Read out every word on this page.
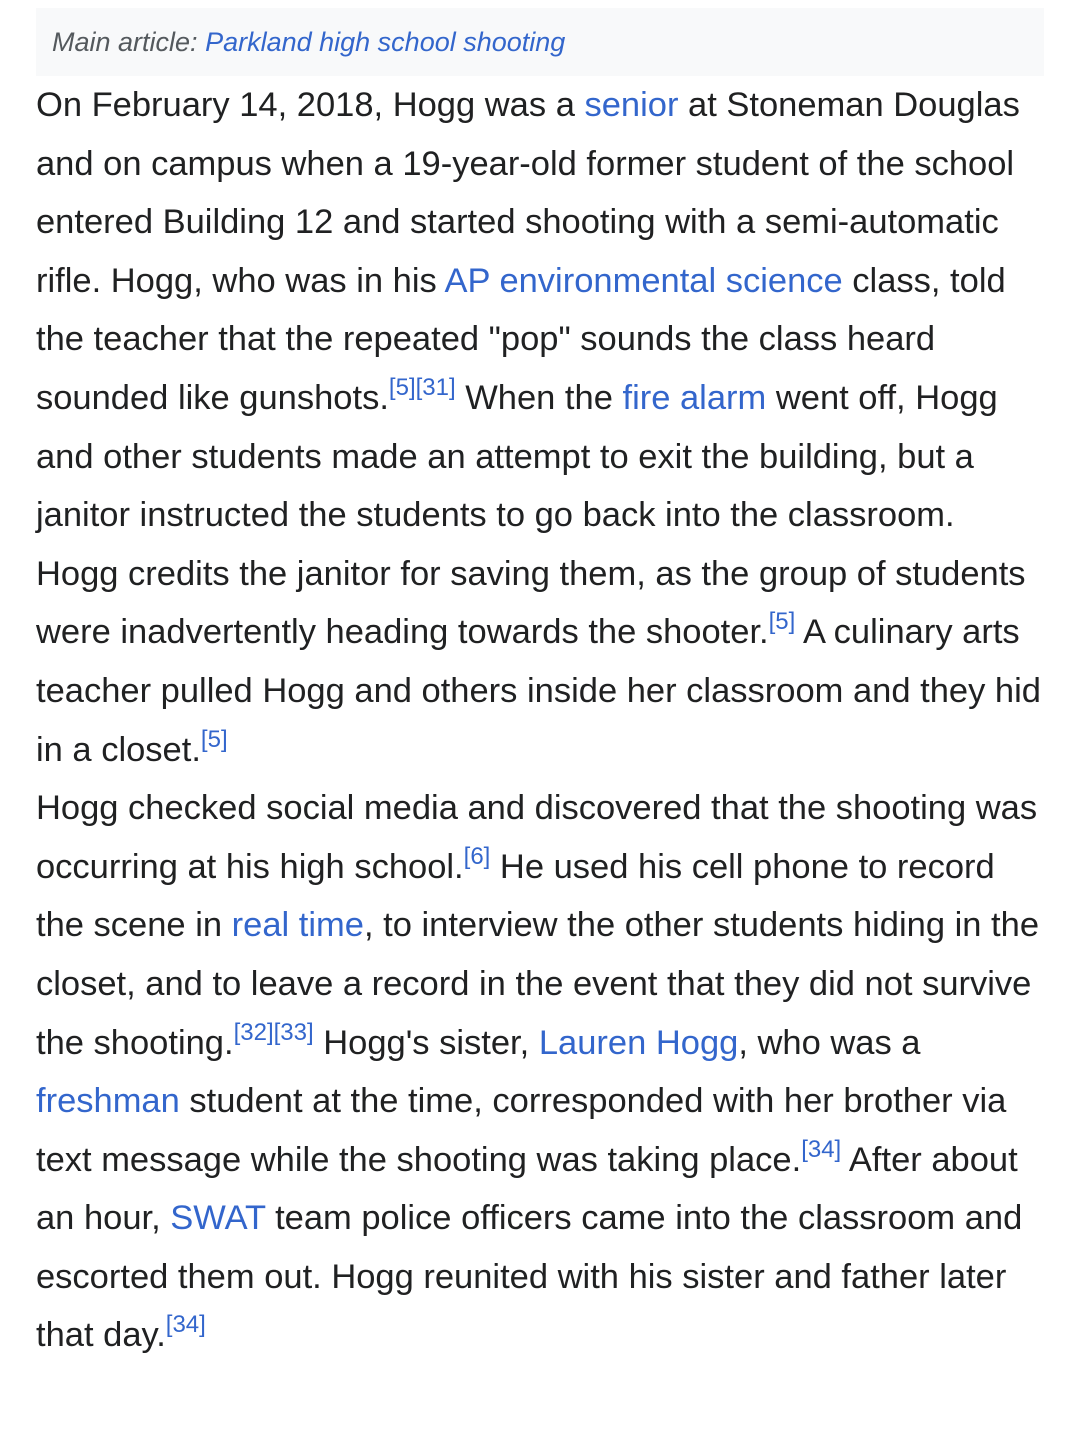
Main article: Parkland high school shooting

On February 14, 2018, Hogg was a senior at Stoneman Douglas and on campus when a 19-year-old former student of the school entered Building 12 and started shooting with a semi-automatic rifle. Hogg, who was in his AP environmental science class, told the teacher that the repeated "pop" sounds the class heard sounded like gunshots.[5][31] When the fire alarm went off, Hogg and other students made an attempt to exit the building, but a janitor instructed the students to go back into the classroom. Hogg credits the janitor for saving them, as the group of students were inadvertently heading towards the shooter.[5] A culinary arts teacher pulled Hogg and others inside her classroom and they hid in a closet.[5]

Hogg checked social media and discovered that the shooting was occurring at his high school.[6] He used his cell phone to record the scene in real time, to interview the other students hiding in the closet, and to leave a record in the event that they did not survive the shooting.[32][33] Hogg's sister, Lauren Hogg, who was a freshman student at the time, corresponded with her brother via text message while the shooting was taking place.[34] After about an hour, SWAT team police officers came into the classroom and escorted them out. Hogg reunited with his sister and father later that day.[34]
